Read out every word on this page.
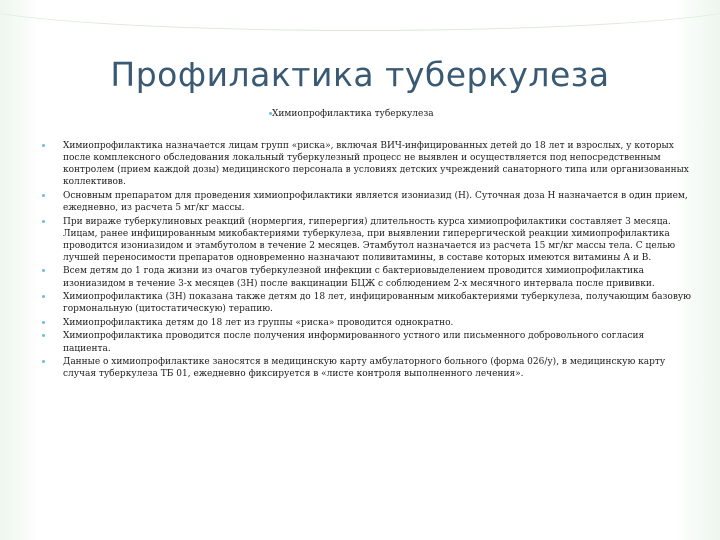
Профилактика туберкулеза
Химиопрофилактика туберкулеза
Химиопрофилактика назначается лицам групп «риска», включая ВИЧ-инфицированных детей до 18 лет и взрослых, у которых после комплексного обследования локальный туберкулезный процесс не выявлен и осуществляется под непосредственным контролем (прием каждой дозы) медицинского персонала в условиях детских учреждений санаторного типа или организованных коллективов.
Основным препаратом для проведения химиопрофилактики является изониазид (Н). Суточная доза Н назначается в один прием, ежедневно, из расчета 5 мг/кг массы.
При вираже туберкулиновых реакций (нормергия, гиперергия) длительность курса химиопрофилактики составляет 3 месяца. Лицам, ранее инфицированным микобактериями туберкулеза, при выявлении гиперергической реакции химиопрофилактика проводится изониазидом и этамбутолом в течение 2 месяцев. Этамбутол назначается из расчета 15 мг/кг массы тела. С целью лучшей переносимости препаратов одновременно назначают поливитамины, в составе которых имеются витамины А и В.
Всем детям до 1 года жизни из очагов туберкулезной инфекции с бактериовыделением проводится химиопрофилактика изониазидом в течение 3-х месяцев (3Н) после вакцинации БЦЖ с соблюдением 2-х месячного интервала после прививки.
Химиопрофилактика (3Н) показана также детям до 18 лет, инфицированным микобактериями туберкулеза, получающим базовую гормональную (цитостатическую) терапию.
Химиопрофилактика детям до 18 лет из группы «риска» проводится однократно.
Химиопрофилактика проводится после получения информированного устного или письменного добровольного согласия пациента.
Данные о химиопрофилактике заносятся в медицинскую карту амбулаторного больного (форма 026/у), в медицинскую карту случая туберкулеза ТБ 01, ежедневно фиксируется в «листе контроля выполненного лечения».
